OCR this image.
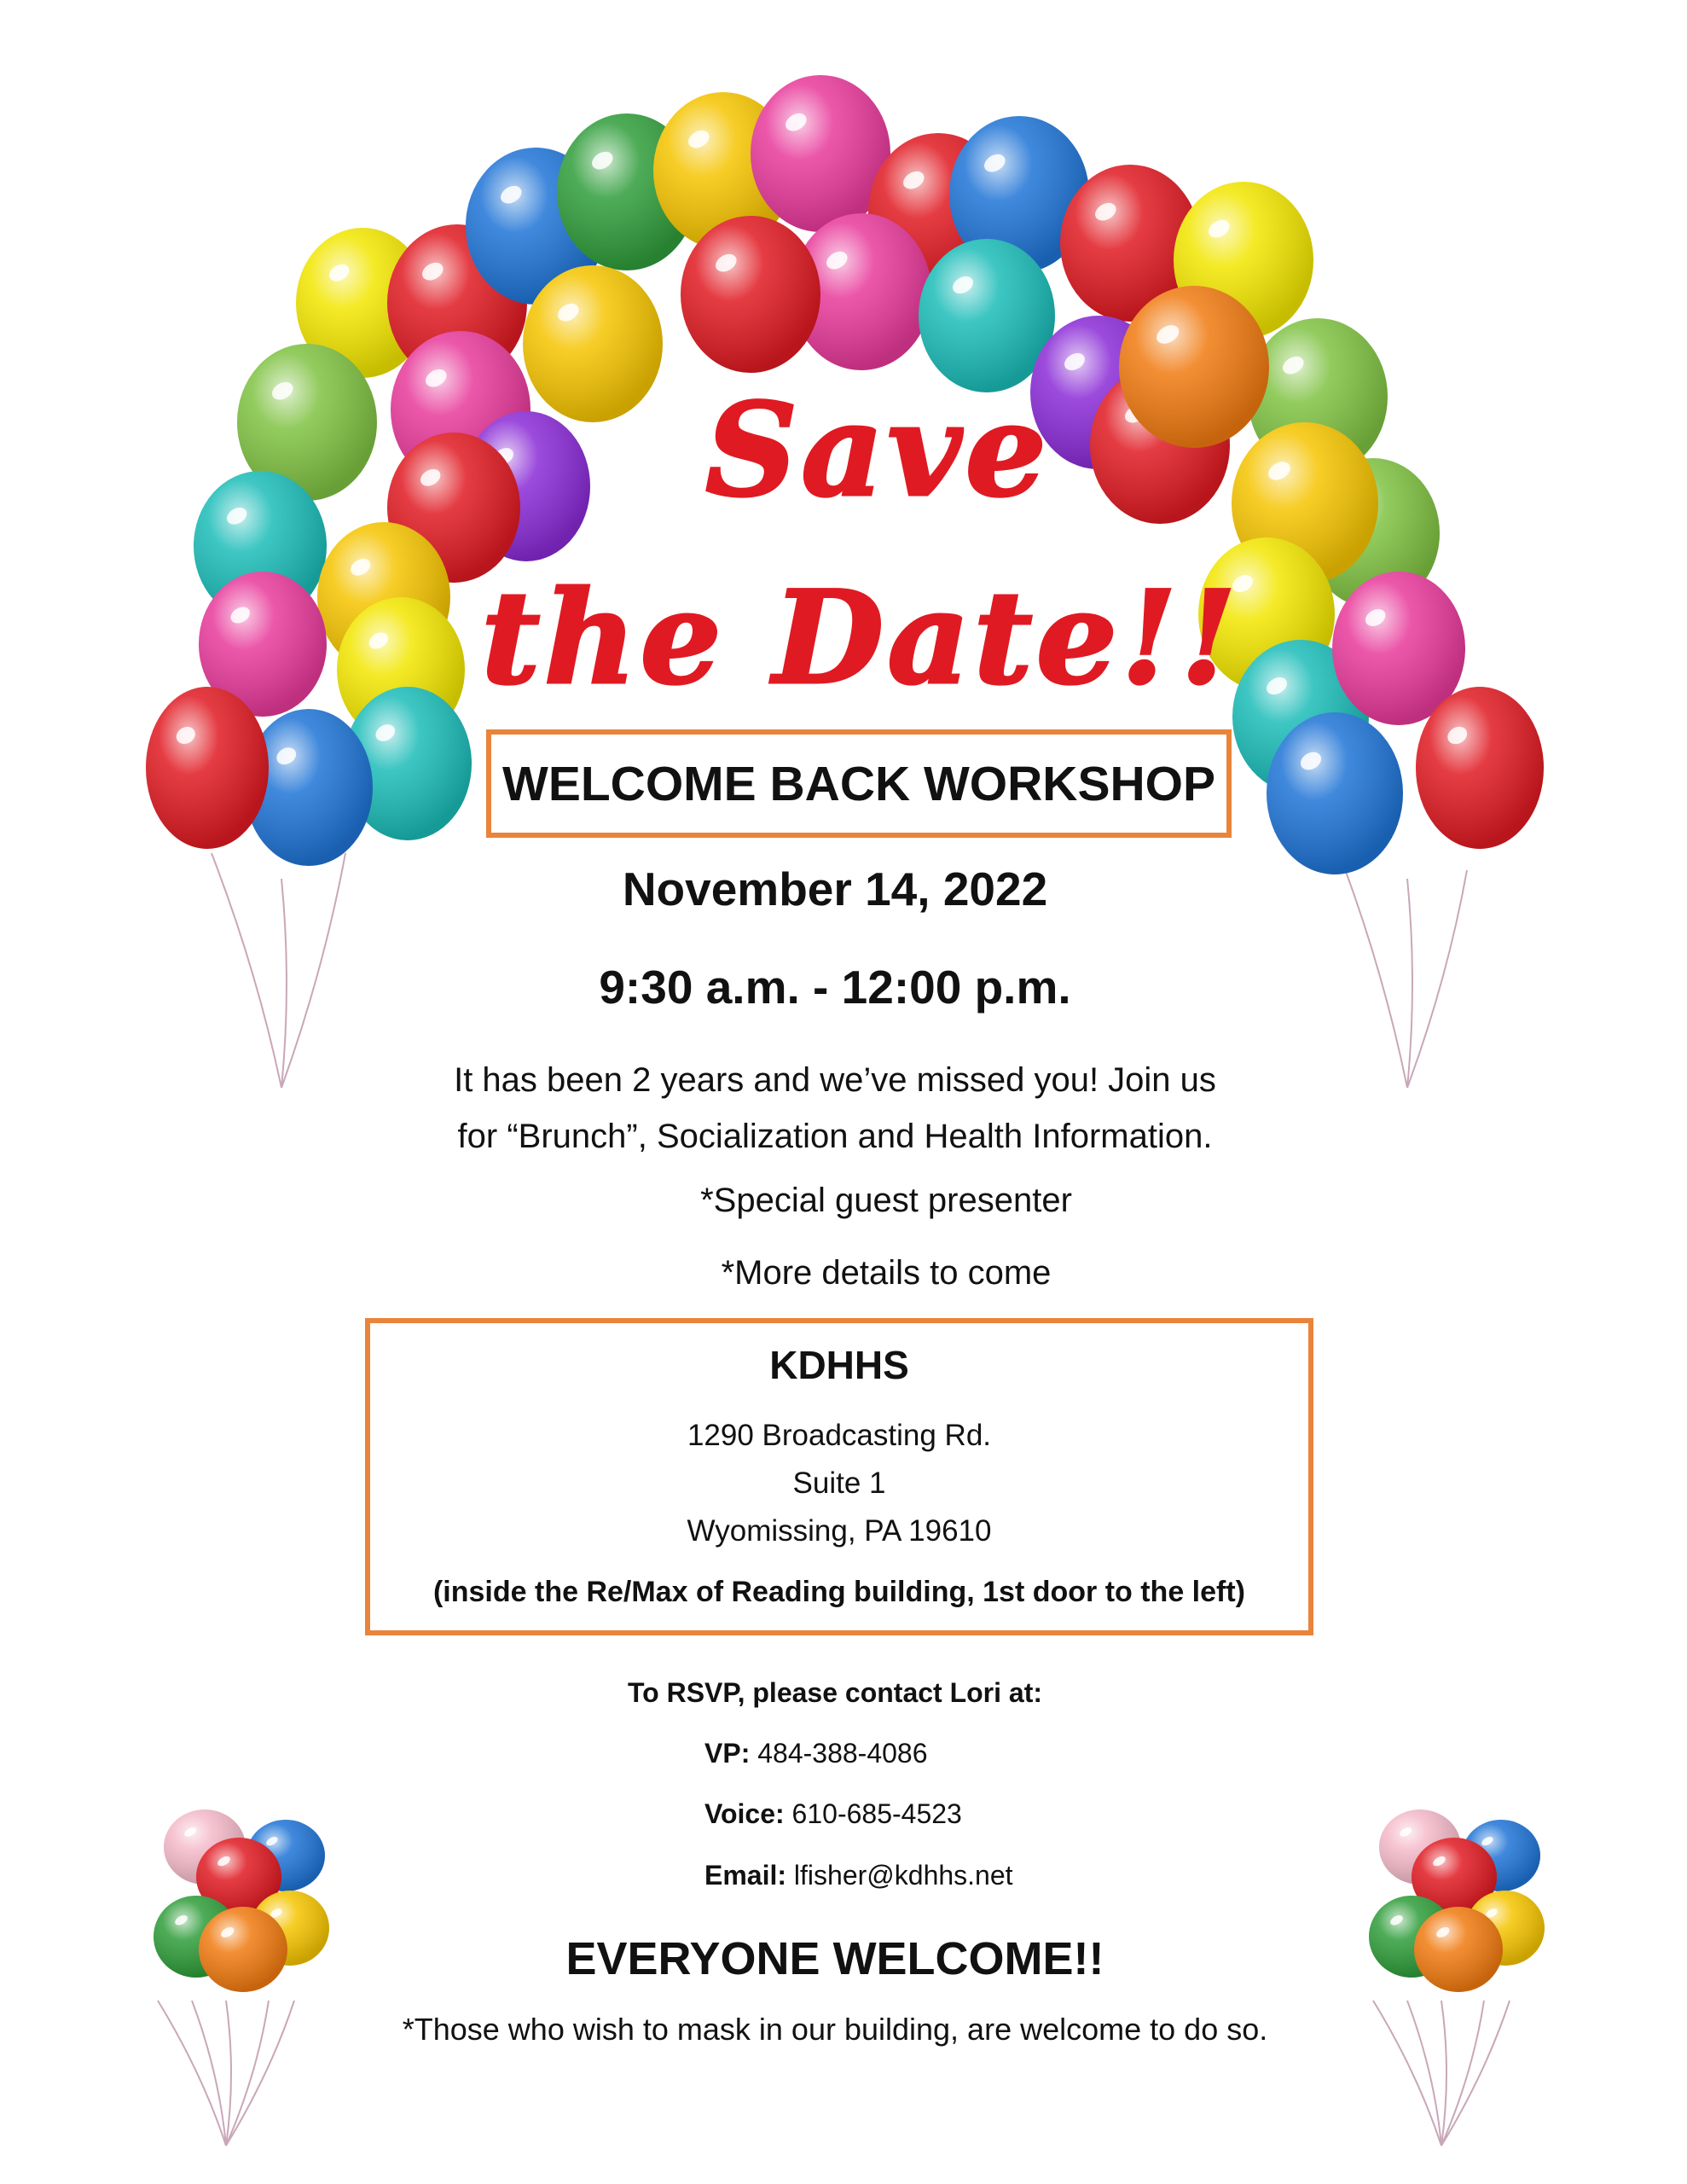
Save
the Date!!
WELCOME BACK WORKSHOP
November 14, 2022
9:30 a.m. - 12:00 p.m.
It has been 2 years and we’ve missed you! Join us
for “Brunch”, Socialization and Health Information.
*Special guest presenter
*More details to come
KDHHS
1290 Broadcasting Rd.
Suite 1
Wyomissing, PA 19610
(inside the Re/Max of Reading building, 1st door to the left)
To RSVP, please contact Lori at:
VP: 484-388-4086
Voice: 610-685-4523
Email: lfisher@kdhhs.net
EVERYONE WELCOME!!
*Those who wish to mask in our building, are welcome to do so.
